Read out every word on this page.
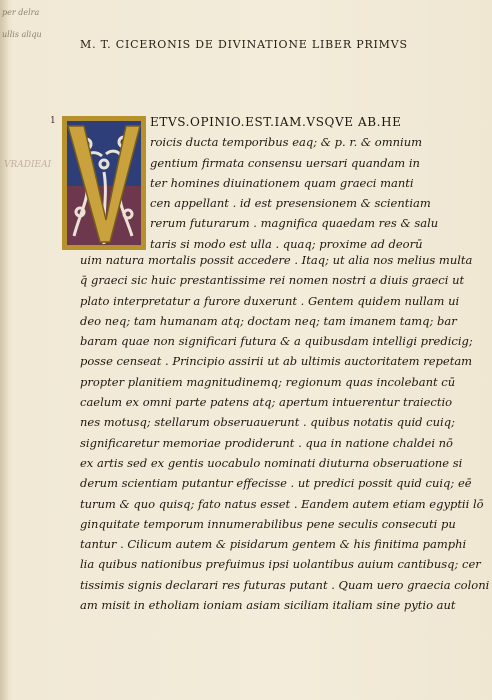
per delra
ullis aliqu
VRADIEAI
M. T. CICERONIS DE DIVINATIONE LIBER PRIMVS
1	ETVS.OPINIO.EST.IAM.VSQVE AB.HE
roicis ducta temporibus eaq; & p. r. & omnium
gentium firmata consensu uersari quandam in
ter homines diuinationem quam graeci manti
cen appellant . id est presensionem & scientiam
rerum futurarum . magnifica quaedam res & salu
taris si modo est ulla . quaq; proxime ad deorū
uim natura mortalis possit accedere . Itaq; ut alia nos melius multa
q̄ graeci sic huic prestantissime rei nomen nostri a diuis graeci ut
plato interpretatur a furore duxerunt . Gentem quidem nullam ui
deo neq; tam humanam atq; doctam neq; tam imanem tamq; bar
baram quae non significari futura & a quibusdam intelligi predicig;
posse censeat . Principio assirii ut ab ultimis auctoritatem repetam
propter planitiem magnitudinemq; regionum quas incolebant cū
caelum ex omni parte patens atq; apertum intuerentur traiectio
nes motusq; stellarum obseruauerunt . quibus notatis quid cuiq;
significaretur memoriae prodiderunt . qua in natione chaldei nō
ex artis sed ex gentis uocabulo nominati diuturna obseruatione si
derum scientiam putantur effecisse . ut predici possit quid cuiq; eē
turum & quo quisq; fato natus esset . Eandem autem etiam egyptii lō
ginquitate temporum innumerabilibus pene seculis consecuti pu
tantur . Cilicum autem & pisidarum gentem & his finitima pamphi
lia quibus nationibus prefuimus ipsi uolantibus auium cantibusq; cer
tissimis signis declarari res futuras putant . Quam uero graecia coloni
am misit in etholiam ioniam asiam siciliam italiam sine pytio aut
